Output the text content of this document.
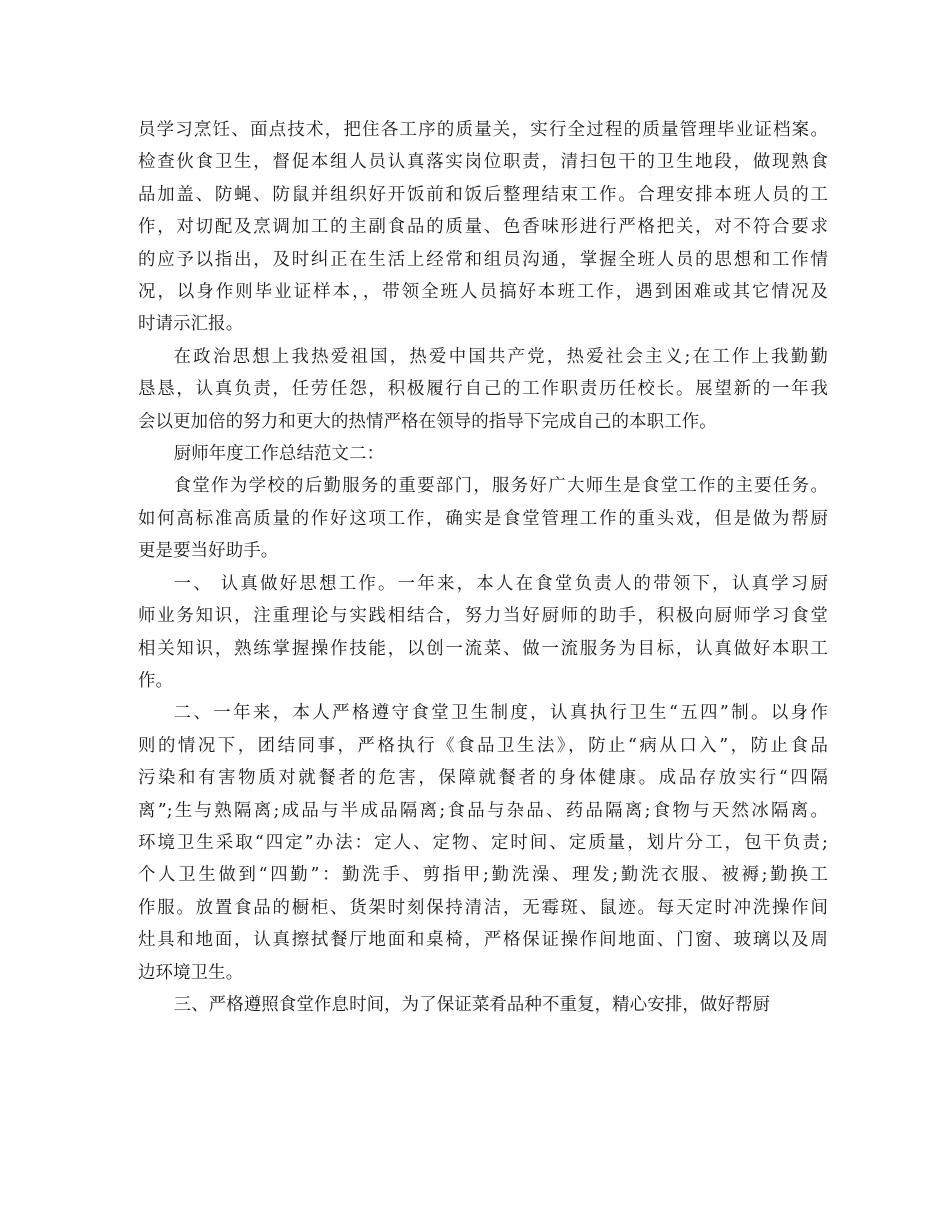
员学习烹饪、面点技术，把住各工序的质量关，实行全过程的质量管理毕业证档案。
检查伙食卫生，督促本组人员认真落实岗位职责，清扫包干的卫生地段，做现熟食
品加盖、防蝇、防鼠并组织好开饭前和饭后整理结束工作。合理安排本班人员的工
作，对切配及烹调加工的主副食品的质量、色香味形进行严格把关，对不符合要求
的应予以指出，及时纠正在生活上经常和组员沟通，掌握全班人员的思想和工作情
况，以身作则毕业证样本，，带领全班人员搞好本班工作，遇到困难或其它情况及
时请示汇报。
在政治思想上我热爱祖国，热爱中国共产党，热爱社会主义;在工作上我勤勤
恳恳，认真负责，任劳任怨，积极履行自己的工作职责历任校长。展望新的一年我
会以更加倍的努力和更大的热情严格在领导的指导下完成自己的本职工作。
厨师年度工作总结范文二：
食堂作为学校的后勤服务的重要部门，服务好广大师生是食堂工作的主要任务。
如何高标准高质量的作好这项工作，确实是食堂管理工作的重头戏，但是做为帮厨
更是要当好助手。
一、 认真做好思想工作。一年来，本人在食堂负责人的带领下，认真学习厨
师业务知识，注重理论与实践相结合，努力当好厨师的助手，积极向厨师学习食堂
相关知识，熟练掌握操作技能，以创一流菜、做一流服务为目标，认真做好本职工
作。
二、一年来，本人严格遵守食堂卫生制度，认真执行卫生“五四”制。以身作
则的情况下，团结同事，严格执行《食品卫生法》，防止“病从口入”，防止食品
污染和有害物质对就餐者的危害，保障就餐者的身体健康。成品存放实行“四隔
离”;生与熟隔离;成品与半成品隔离;食品与杂品、药品隔离;食物与天然冰隔离。
环境卫生采取“四定”办法：定人、定物、定时间、定质量，划片分工，包干负责;
个人卫生做到“四勤”：勤洗手、剪指甲;勤洗澡、理发;勤洗衣服、被褥;勤换工
作服。放置食品的橱柜、货架时刻保持清洁，无霉斑、鼠迹。每天定时冲洗操作间
灶具和地面，认真擦拭餐厅地面和桌椅，严格保证操作间地面、门窗、玻璃以及周
边环境卫生。
三、严格遵照食堂作息时间，为了保证菜肴品种不重复，精心安排，做好帮厨
